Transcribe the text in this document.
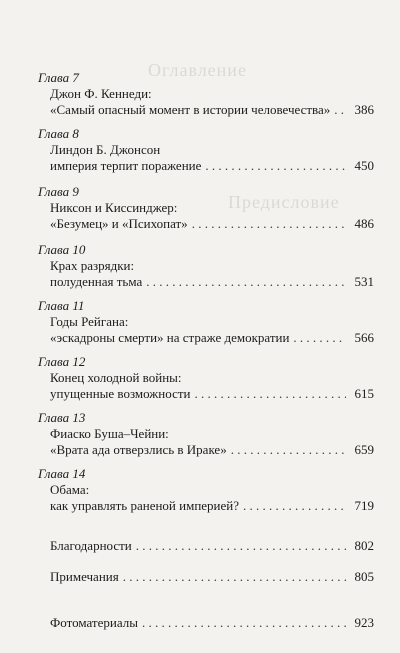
Оглавление
Предисловие
Глава 7
Джон Ф. Кеннеди:
«Самый опасный момент в истории человечества» . . .	386
Глава 8
Линдон Б. Джонсон
империя терпит поражение . . .	450
Глава 9
Никсон и Киссинджер:
«Безумец» и «Психопат» . . .	486
Глава 10
Крах разрядки:
полуденная тьма . . .	531
Глава 11
Годы Рейгана:
«эскадроны смерти» на страже демократии . . .	566
Глава 12
Конец холодной войны:
упущенные возможности . . .	615
Глава 13
Фиаско Буша–Чейни:
«Врата ада отверзлись в Ираке» . . .	659
Глава 14
Обама:
как управлять раненой империей? . . .	719
Благодарности . . .	802
Примечания . . .	805
Фотоматериалы . . .	923
